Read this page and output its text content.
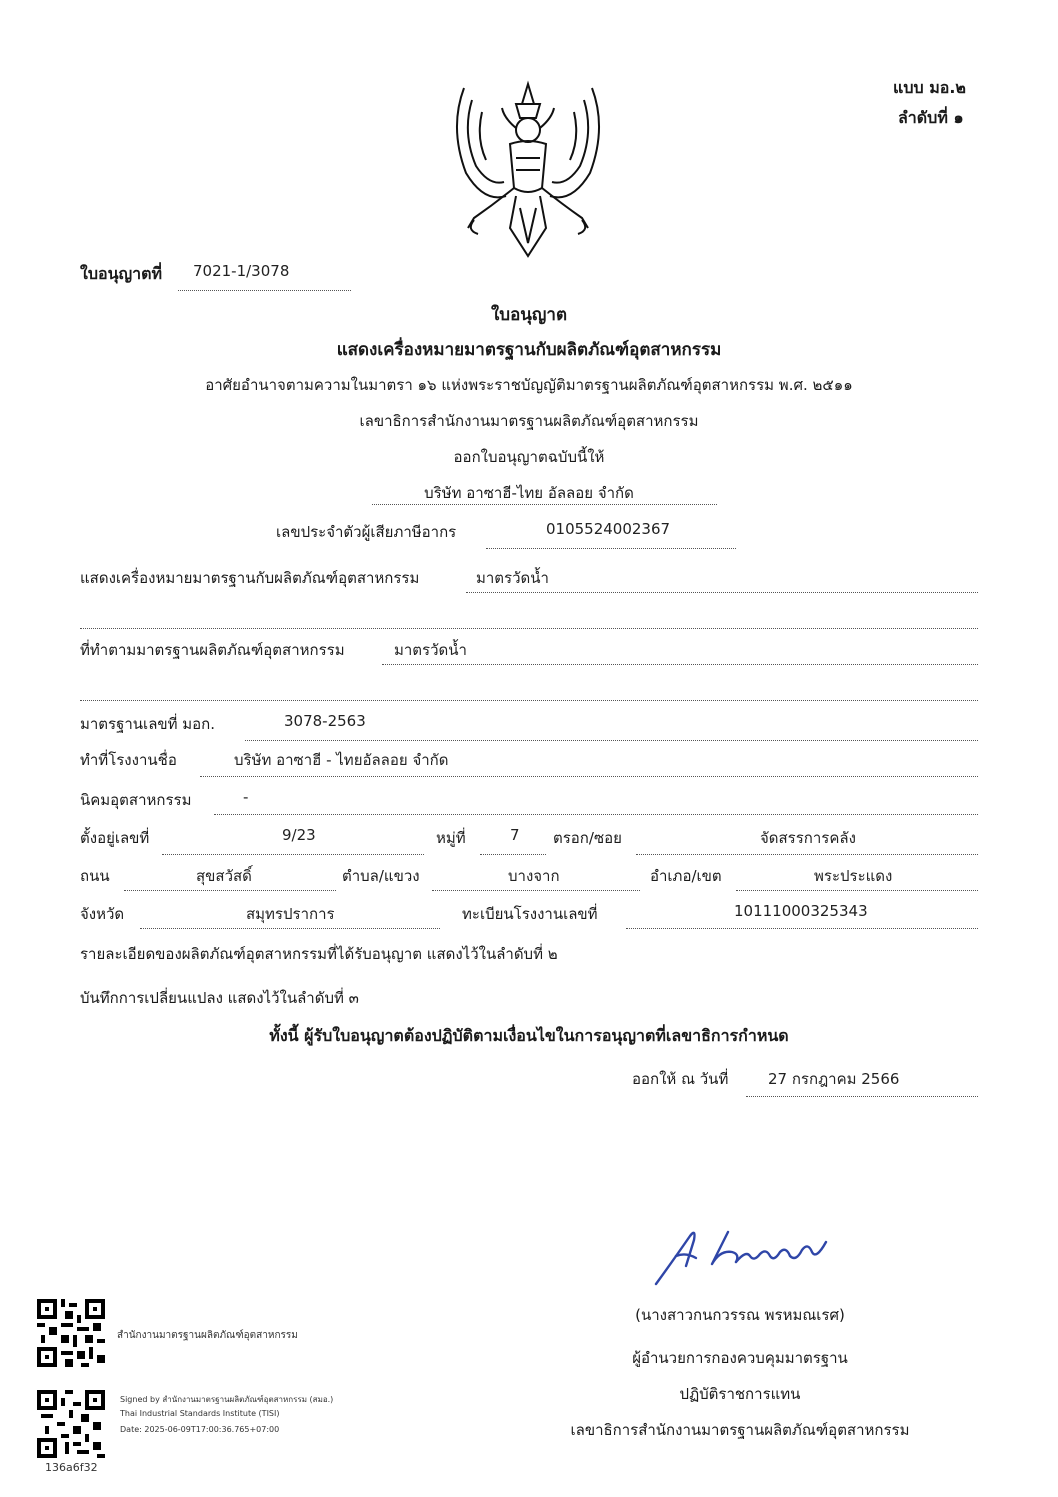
แบบ มอ.๒
ลำดับที่ ๑
ใบอนุญาตที่ 7021-1/3078
ใบอนุญาต
แสดงเครื่องหมายมาตรฐานกับผลิตภัณฑ์อุตสาหกรรม
อาศัยอำนาจตามความในมาตรา ๑๖ แห่งพระราชบัญญัติมาตรฐานผลิตภัณฑ์อุตสาหกรรม พ.ศ. ๒๕๑๑
เลขาธิการสำนักงานมาตรฐานผลิตภัณฑ์อุตสาหกรรม
ออกใบอนุญาตฉบับนี้ให้
บริษัท อาซาฮี-ไทย อัลลอย จำกัด
เลขประจำตัวผู้เสียภาษีอากร	0105524002367
แสดงเครื่องหมายมาตรฐานกับผลิตภัณฑ์อุตสาหกรรม	มาตรวัดน้ำ
ที่ทำตามมาตรฐานผลิตภัณฑ์อุตสาหกรรม	มาตรวัดน้ำ
มาตรฐานเลขที่ มอก.	3078-2563
ทำที่โรงงานชื่อ	บริษัท อาซาฮี - ไทยอัลลอย จำกัด
นิคมอุตสาหกรรม	-
ตั้งอยู่เลขที่	9/23	หมู่ที่	7 ตรอก/ซอย	จัดสรรการคลัง
ถนน	สุขสวัสดิ์	ตำบล/แขวง	บางจาก	อำเภอ/เขต	พระประแดง
จังหวัด	สมุทรปราการ	ทะเบียนโรงงานเลขที่	10111000325343
รายละเอียดของผลิตภัณฑ์อุตสาหกรรมที่ได้รับอนุญาต แสดงไว้ในลำดับที่ ๒
บันทึกการเปลี่ยนแปลง แสดงไว้ในลำดับที่ ๓
ทั้งนี้ ผู้รับใบอนุญาตต้องปฏิบัติตามเงื่อนไขในการอนุญาตที่เลขาธิการกำหนด
ออกให้ ณ วันที่	27 กรกฎาคม 2566
(นางสาวกนกวรรณ พรหมณเรศ)
ผู้อำนวยการกองควบคุมมาตรฐาน
ปฏิบัติราชการแทน
เลขาธิการสำนักงานมาตรฐานผลิตภัณฑ์อุตสาหกรรม
สำนักงานมาตรฐานผลิตภัณฑ์อุตสาหกรรม
Signed by สำนักงานมาตรฐานผลิตภัณฑ์อุตสาหกรรม (สมอ.)
Thai Industrial Standards Institute (TISI)
Date: 2025-06-09T17:00:36.765+07:00
136a6f32
